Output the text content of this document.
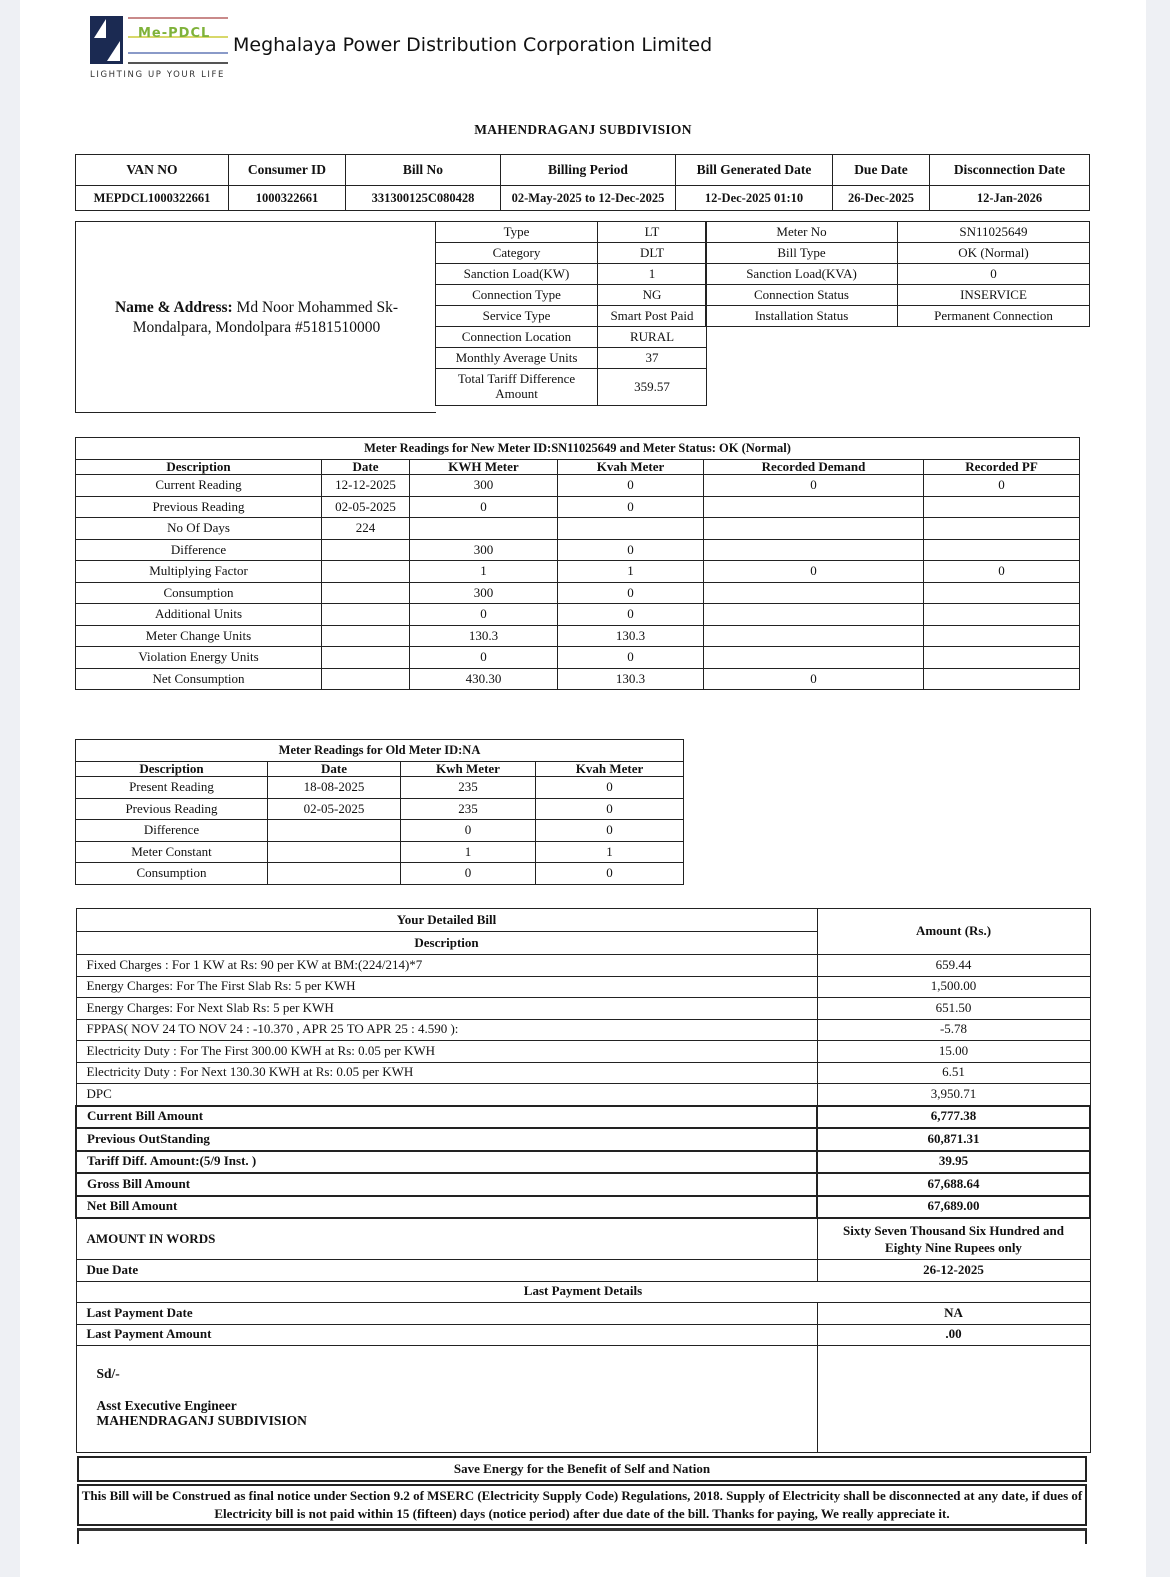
Me-PDCL
LIGHTING UP YOUR LIFE
Meghalaya Power Distribution Corporation Limited
MAHENDRAGANJ SUBDIVISION
VAN NO	Consumer ID	Bill No	Billing Period	Bill Generated Date	Due Date	Disconnection Date
MEPDCL1000322661	1000322661	331300125C080428	02-May-2025 to 12-Dec-2025	12-Dec-2025 01:10	26-Dec-2025	12-Jan-2026
Name & Address: Md Noor Mohammed Sk-
Mondalpara, Mondolpara #5181510000
Type	LT
Category	DLT
Sanction Load(KW)	1
Connection Type	NG
Service Type	Smart Post Paid
Connection Location	RURAL
Monthly Average Units	37
Total Tariff Difference Amount	359.57
Meter No	SN11025649
Bill Type	OK (Normal)
Sanction Load(KVA)	0
Connection Status	INSERVICE
Installation Status	Permanent Connection
Meter Readings for New Meter ID:SN11025649 and Meter Status: OK (Normal)					
Description	Date	KWH Meter	Kvah Meter	Recorded Demand	Recorded PF
Current Reading	12-12-2025	300	0	0	0
Previous Reading	02-05-2025	0	0		
No Of Days	224				
Difference		300	0		
Multiplying Factor		1	1	0	0
Consumption		300	0		
Additional Units		0	0		
Meter Change Units		130.3	130.3		
Violation Energy Units		0	0		
Net Consumption		430.30	130.3	0	
Meter Readings for Old Meter ID:NA			
Description	Date	Kwh Meter	Kvah Meter
Present Reading	18-08-2025	235	0
Previous Reading	02-05-2025	235	0
Difference		0	0
Meter Constant		1	1
Consumption		0	0
Your Detailed Bill	Amount (Rs.)
Description	
Fixed Charges : For 1 KW at Rs: 90 per KW at BM:(224/214)*7	659.44
Energy Charges: For The First Slab Rs: 5 per KWH	1,500.00
Energy Charges: For Next Slab Rs: 5 per KWH	651.50
FPPAS( NOV 24 TO NOV 24 : -10.370 , APR 25 TO APR 25 : 4.590 ):	-5.78
Electricity Duty : For The First 300.00 KWH at Rs: 0.05 per KWH	15.00
Electricity Duty : For Next 130.30 KWH at Rs: 0.05 per KWH	6.51
DPC	3,950.71
Current Bill Amount	6,777.38
Previous OutStanding	60,871.31
Tariff Diff. Amount:(5/9 Inst. )	39.95
Gross Bill Amount	67,688.64
Net Bill Amount	67,689.00
AMOUNT IN WORDS	Sixty Seven Thousand Six Hundred and
Eighty Nine Rupees only
Due Date	26-12-2025
Last Payment Details	
Last Payment Date	NA
Last Payment Amount	.00

Sd/-
Asst Executive Engineer
MAHENDRAGANJ SUBDIVISION	

Save Energy for the Benefit of Self and Nation
This Bill will be Construed as final notice under Section 9.2 of MSERC (Electricity Supply Code) Regulations, 2018. Supply of Electricity shall be disconnected at any date, if dues of Electricity bill is not paid within 15 (fifteen) days (notice period) after due date of the bill. Thanks for paying, We really appreciate it.
